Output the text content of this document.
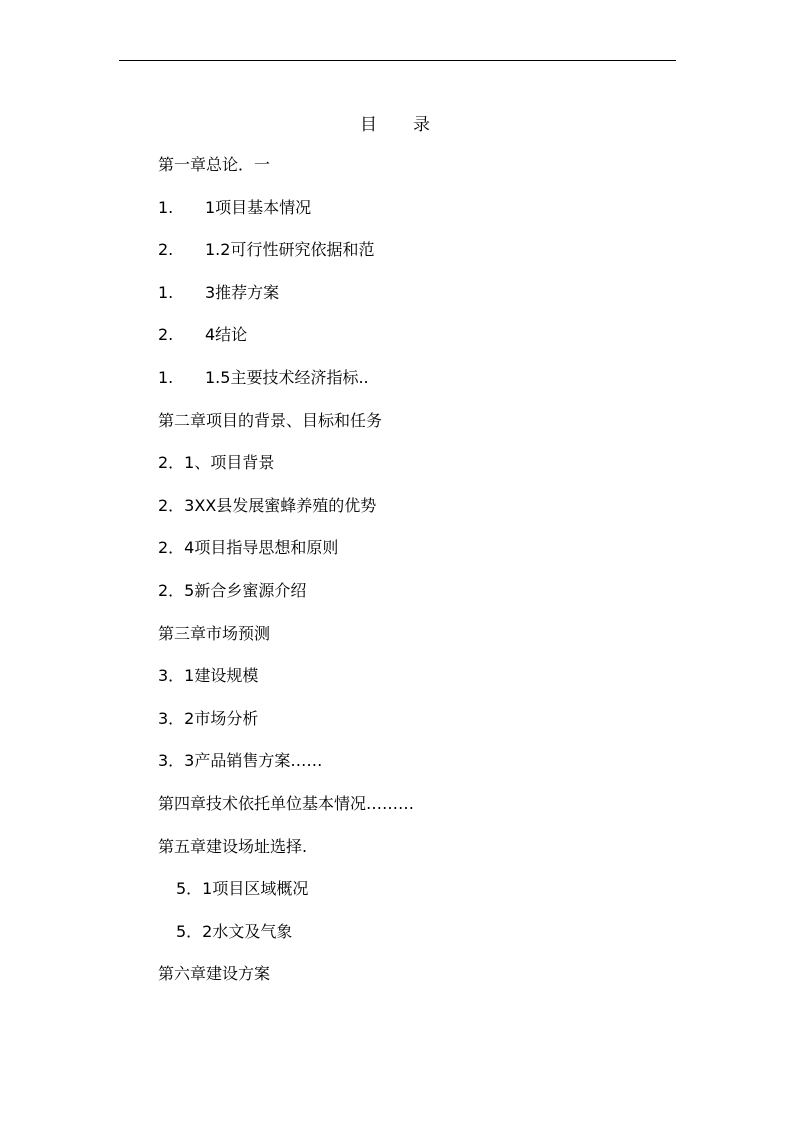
目 录
第一章总论．一
1. 1项目基本情况
2. 1.2可行性研究依据和范
1. 3推荐方案
2. 4结论
1. 1.5主要技术经济指标..
第二章项目的背景、目标和任务
2．1、项目背景
2．3XX县发展蜜蜂养殖的优势
2．4项目指导思想和原则
2．5新合乡蜜源介绍
第三章市场预测
3．1建设规模
3．2市场分析
3．3产品销售方案……
第四章技术依托单位基本情况………
第五章建设场址选择.
5．1项目区域概况
5．2水文及气象
第六章建设方案
